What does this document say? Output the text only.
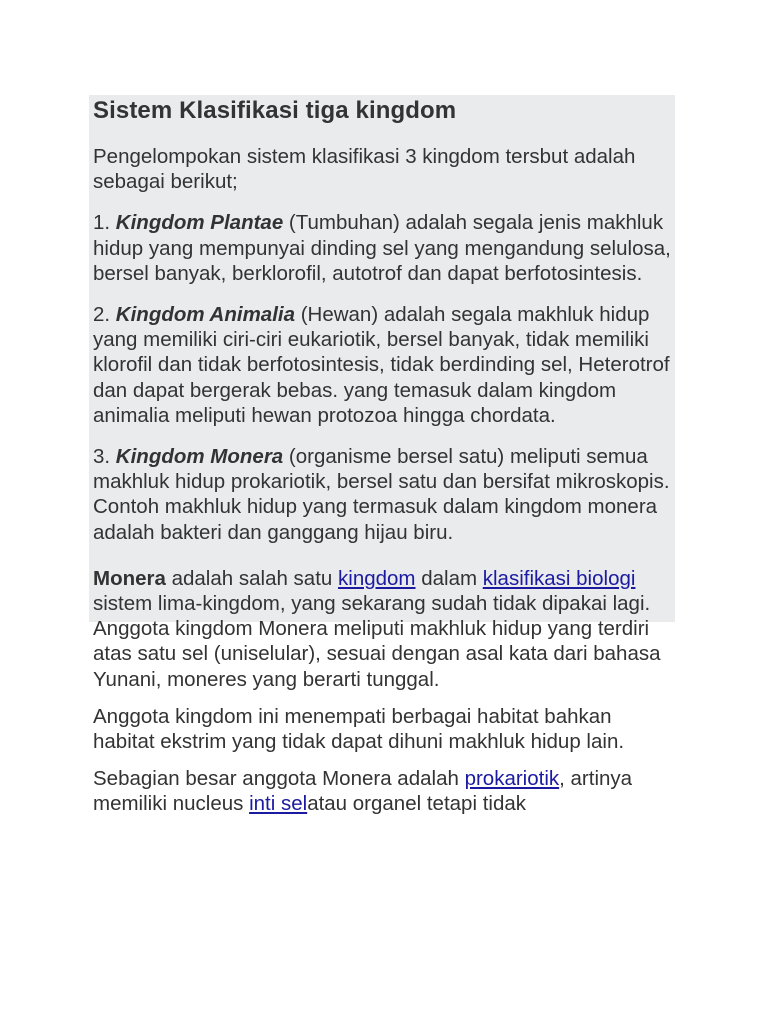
Sistem Klasifikasi tiga kingdom

Pengelompokan sistem klasifikasi 3 kingdom tersbut adalah sebagai berikut;

1. Kingdom Plantae (Tumbuhan) adalah segala jenis makhluk hidup yang mempunyai dinding sel yang mengandung selulosa, bersel banyak, berklorofil, autotrof dan dapat berfotosintesis.

2. Kingdom Animalia (Hewan) adalah segala makhluk hidup yang memiliki ciri-ciri eukariotik, bersel banyak, tidak memiliki klorofil dan tidak berfotosintesis, tidak berdinding sel, Heterotrof dan dapat bergerak bebas. yang temasuk dalam kingdom animalia meliputi hewan protozoa hingga chordata.

3. Kingdom Monera (organisme bersel satu) meliputi semua makhluk hidup prokariotik, bersel satu dan bersifat mikroskopis. Contoh makhluk hidup yang termasuk dalam kingdom monera adalah bakteri dan ganggang hijau biru.

Monera adalah salah satu kingdom dalam klasifikasi biologi sistem lima-kingdom, yang sekarang sudah tidak dipakai lagi. Anggota kingdom Monera meliputi makhluk hidup yang terdiri atas satu sel (uniselular), sesuai dengan asal kata dari bahasa Yunani, moneres yang berarti tunggal.

Anggota kingdom ini menempati berbagai habitat bahkan habitat ekstrim yang tidak dapat dihuni makhluk hidup lain.

Sebagian besar anggota Monera adalah prokariotik, artinya memiliki nucleus inti selatau organel tetapi tidak
